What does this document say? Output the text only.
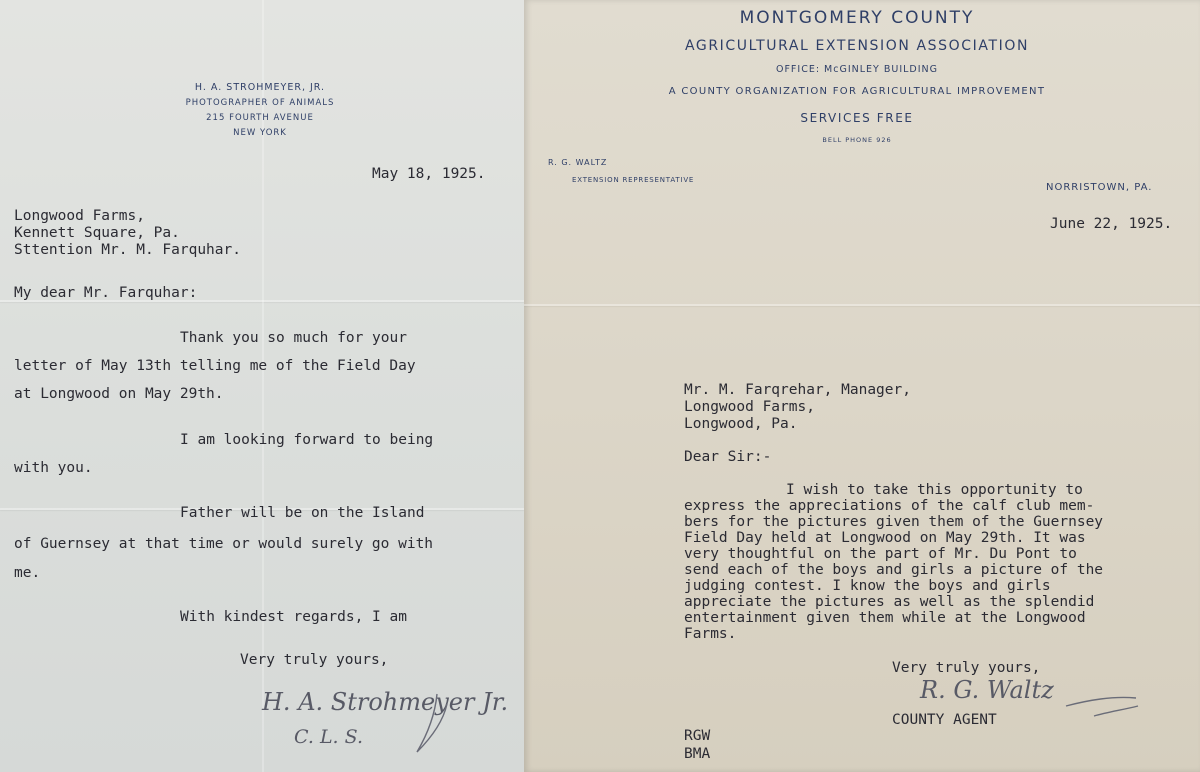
H. A. STROHMEYER, JR.
PHOTOGRAPHER OF ANIMALS
215 FOURTH AVENUE
NEW YORK
May 18, 1925.
Longwood Farms,
Kennett Square, Pa.
Sttention Mr. M. Farquhar.
My dear Mr. Farquhar:
Thank you so much for your
letter of May 13th telling me of the Field Day
at Longwood on May 29th.
I am looking forward to being
with you.
Father will be on the Island
of Guernsey at that time or would surely go with
me.
With kindest regards, I am
Very truly yours,
H. A. Strohmeyer Jr.
C. L. S.
MONTGOMERY COUNTY
AGRICULTURAL EXTENSION ASSOCIATION
OFFICE: McGINLEY BUILDING
A COUNTY ORGANIZATION FOR AGRICULTURAL IMPROVEMENT
SERVICES FREE
BELL PHONE 926
R. G. WALTZ
EXTENSION REPRESENTATIVE
NORRISTOWN, PA.
June 22, 1925.
Mr. M. Farqrehar, Manager,
Longwood Farms,
Longwood, Pa.
Dear Sir:-
I wish to take this opportunity to
express the appreciations of the calf club mem-
bers for the pictures given them of the Guernsey
Field Day held at Longwood on May 29th. It was
very thoughtful on the part of Mr. Du Pont to
send each of the boys and girls a picture of the
judging contest. I know the boys and girls
appreciate the pictures as well as the splendid
entertainment given them while at the Longwood
Farms.
Very truly yours,
R. G. Waltz
COUNTY AGENT
RGW
BMA
